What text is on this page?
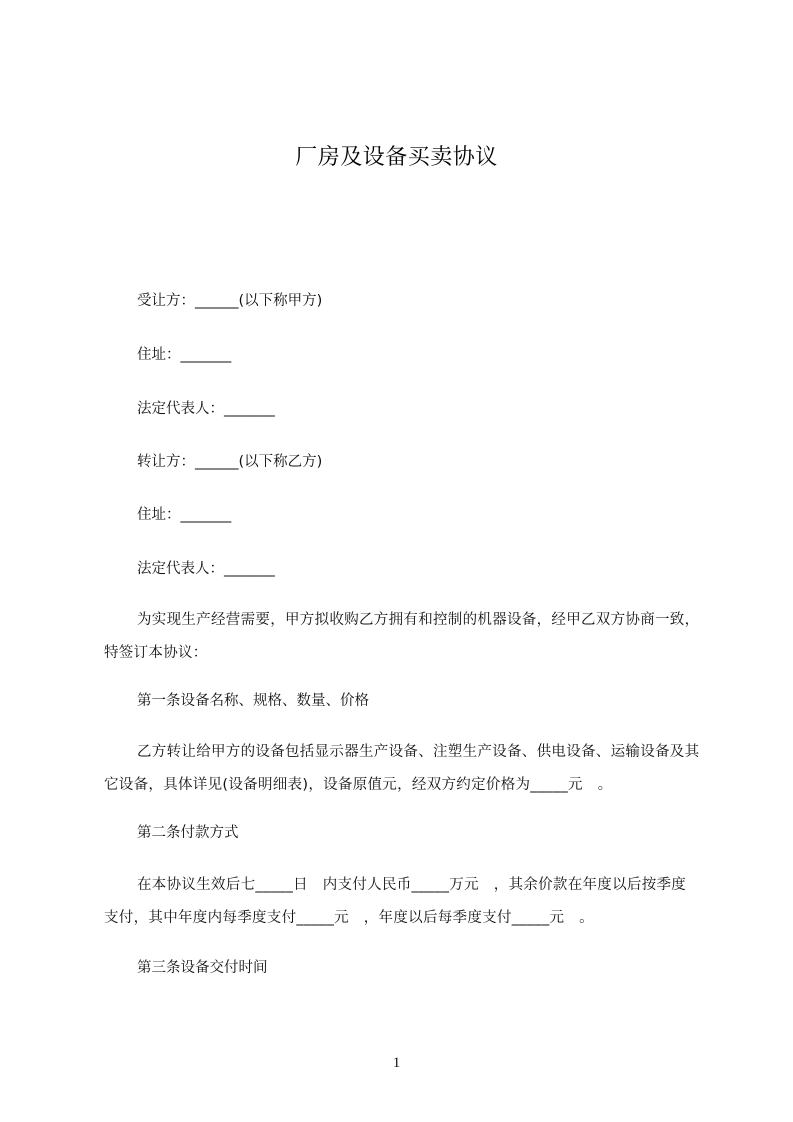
厂房及设备买卖协议
受让方：______(以下称甲方)
住址：_______
法定代表人：_______
转让方：______(以下称乙方)
住址：_______
法定代表人：_______
为实现生产经营需要，甲方拟收购乙方拥有和控制的机器设备，经甲乙双方协商一致，特签订本协议：
第一条设备名称、规格、数量、价格
乙方转让给甲方的设备包括显示器生产设备、注塑生产设备、供电设备、运输设备及其它设备，具体详见(设备明细表)，设备原值元，经双方约定价格为_____元　。
第二条付款方式
在本协议生效后七_____日　内支付人民币_____万元　，其余价款在年度以后按季度支付，其中年度内每季度支付_____元　，年度以后每季度支付_____元　。
第三条设备交付时间
1
